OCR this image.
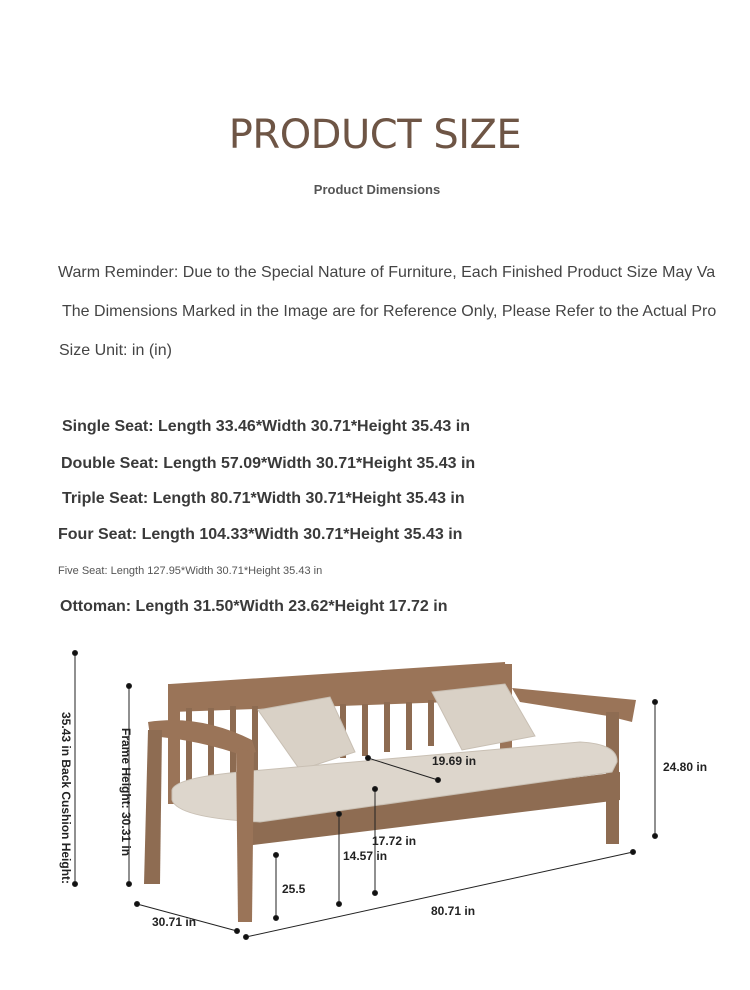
PRODUCT SIZE
Product Dimensions
Warm Reminder: Due to the Special Nature of Furniture, Each Finished Product Size May Va
The Dimensions Marked in the Image are for Reference Only, Please Refer to the Actual Pro
Size Unit: in (in)
Single Seat: Length 33.46*Width 30.71*Height 35.43 in
Double Seat: Length 57.09*Width 30.71*Height 35.43 in
Triple Seat: Length 80.71*Width 30.71*Height 35.43 in
Four Seat: Length 104.33*Width 30.71*Height 35.43 in
Five Seat: Length 127.95*Width 30.71*Height 35.43 in
Ottoman: Length 31.50*Width 23.62*Height 17.72 in
35.43 in Back Cushion Height:	Frame Height: 30.31 in	24.80 in
19.69 in
17.72 in
14.57 in
25.5
30.71 in
80.71 in
